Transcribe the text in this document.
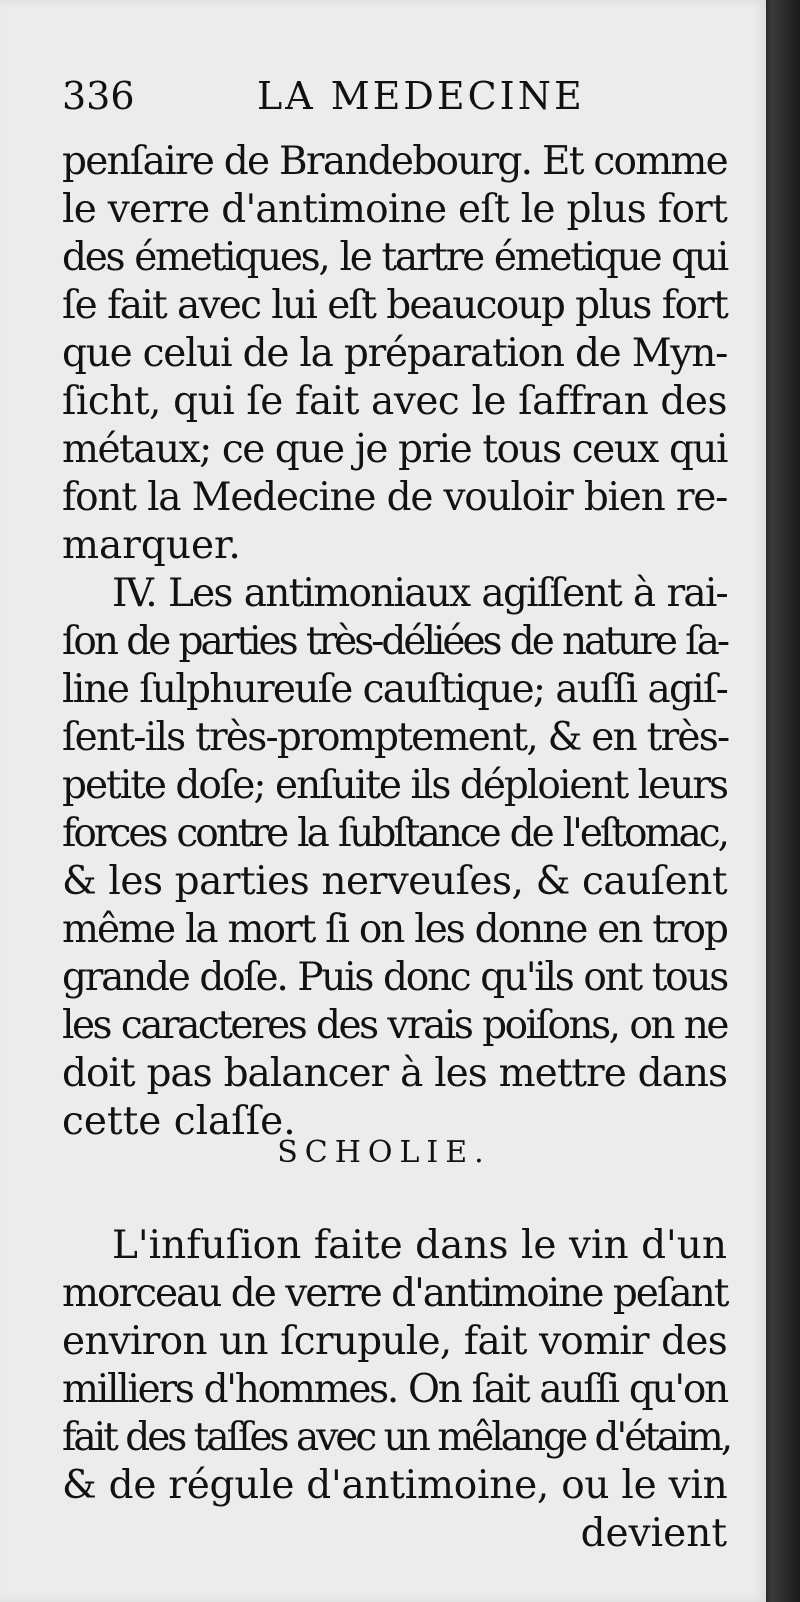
336	LA MEDECINE
penſaire de Brandebourg. Et comme
le verre d'antimoine eſt le plus fort
des émetiques, le tartre émetique qui
ſe fait avec lui eſt beaucoup plus fort
que celui de la préparation de Myn-
ſicht, qui ſe fait avec le ſaffran des
métaux; ce que je prie tous ceux qui
font la Medecine de vouloir bien re-
marquer.
IV. Les antimoniaux agiſſent à rai-
ſon de parties très-déliées de nature ſa-
line ſulphureuſe cauſtique; auſſi agiſ-
ſent-ils très-promptement, & en très-
petite doſe; enſuite ils déploient leurs
forces contre la ſubſtance de l'eſtomac,
& les parties nerveuſes, & cauſent
même la mort ſi on les donne en trop
grande doſe. Puis donc qu'ils ont tous
les caracteres des vrais poiſons, on ne
doit pas balancer à les mettre dans
cette claſſe.
SCHOLIE.
L'infuſion faite dans le vin d'un
morceau de verre d'antimoine peſant
environ un ſcrupule, fait vomir des
milliers d'hommes. On ſait auſſi qu'on
fait des taſſes avec un mêlange d'étaim,
& de régule d'antimoine, ou le vin
devient
